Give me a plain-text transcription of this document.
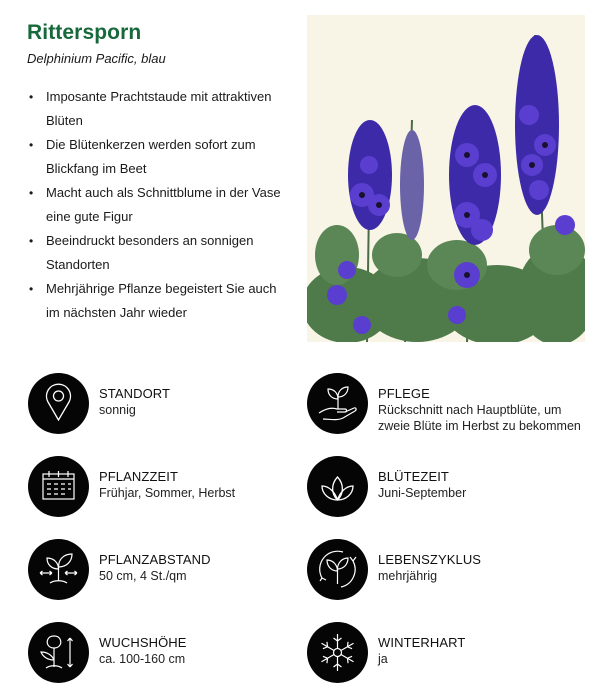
Rittersporn

Delphinium Pacific, blau

• Imposante Prachtstaude mit attraktiven Blüten
• Die Blütenkerzen werden sofort zum Blickfang im Beet
• Macht auch als Schnittblume in der Vase eine gute Figur
• Beeindruckt besonders an sonnigen Standorten
• Mehrjährige Pflanze begeistert Sie auch im nächsten Jahr wieder
STANDORT
sonnig
PFLEGE
Rückschnitt nach Hauptblüte, um zweie Blüte im Herbst zu bekommen
PFLANZZEIT
Frühjar, Sommer, Herbst
BLÜTEZEIT
Juni-September
PFLANZABSTAND
50 cm, 4 St./qm
LEBENSZYKLUS
mehrjährig
WUCHSHÖHE
ca. 100-160 cm
WINTERHART
ja
